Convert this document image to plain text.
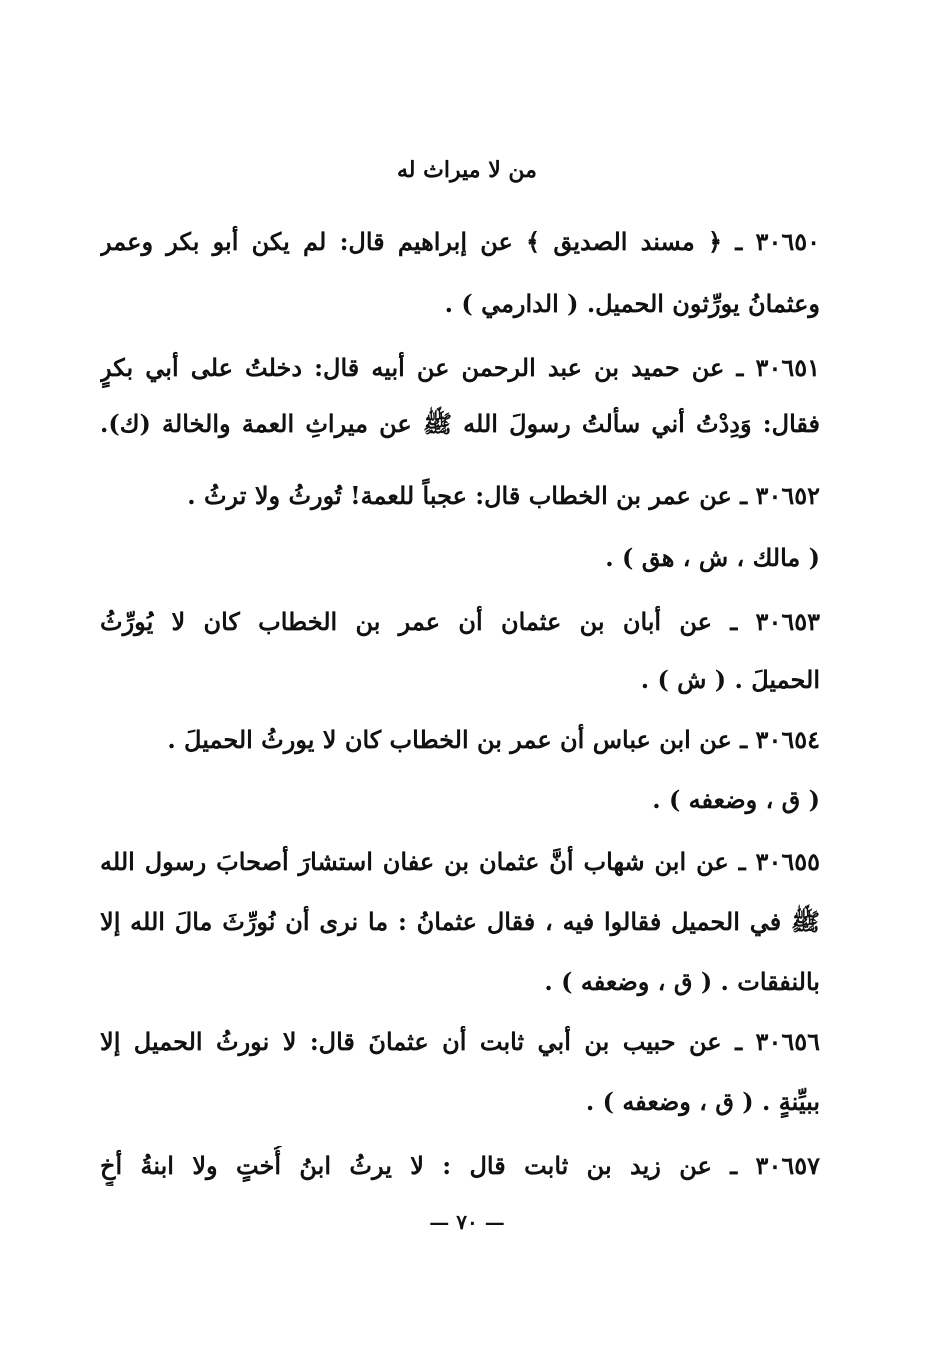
من لا ميراث له
٣٠٦٥٠ ـ ﴿ مسند الصديق ﴾ عن إبراهيم قال: لم يكن أبو بكر وعمر
وعثمانُ يورِّثون الحميل. ( الدارمي ) .
٣٠٦٥١ ـ عن حميد بن عبد الرحمن عن أبيه قال: دخلتُ على أبي بكرٍ
فقال: وَدِدْتُ أني سألتُ رسولَ الله ﷺ عن ميراثِ العمة والخالة (ك).
٣٠٦٥٢ ـ عن عمر بن الخطاب قال: عجباً للعمة! تُورثُ ولا ترثُ .
( مالك ، ش ، هق ) .
٣٠٦٥٣ ـ عن أبان بن عثمان أن عمر بن الخطاب كان لا يُورِّثُ
الحميلَ . ( ش ) .
٣٠٦٥٤ ـ عن ابن عباس أن عمر بن الخطاب كان لا يورثُ الحميلَ .
( ق ، وضعفه ) .
٣٠٦٥٥ ـ عن ابن شهاب أنَّ عثمان بن عفان استشارَ أصحابَ رسول الله
ﷺ في الحميل فقالوا فيه ، فقال عثمانُ : ما نرى أن نُورِّثَ مالَ الله إلا
بالنفقات . ( ق ، وضعفه ) .
٣٠٦٥٦ ـ عن حبيب بن أبي ثابت أن عثمانَ قال: لا نورثُ الحميل إلا
ببيِّنةٍ . ( ق ، وضعفه ) .
٣٠٦٥٧ ـ عن زيد بن ثابت قال : لا يرثُ ابنُ أُختٍ ولا ابنةُ أخٍ
— ٧٠ —
